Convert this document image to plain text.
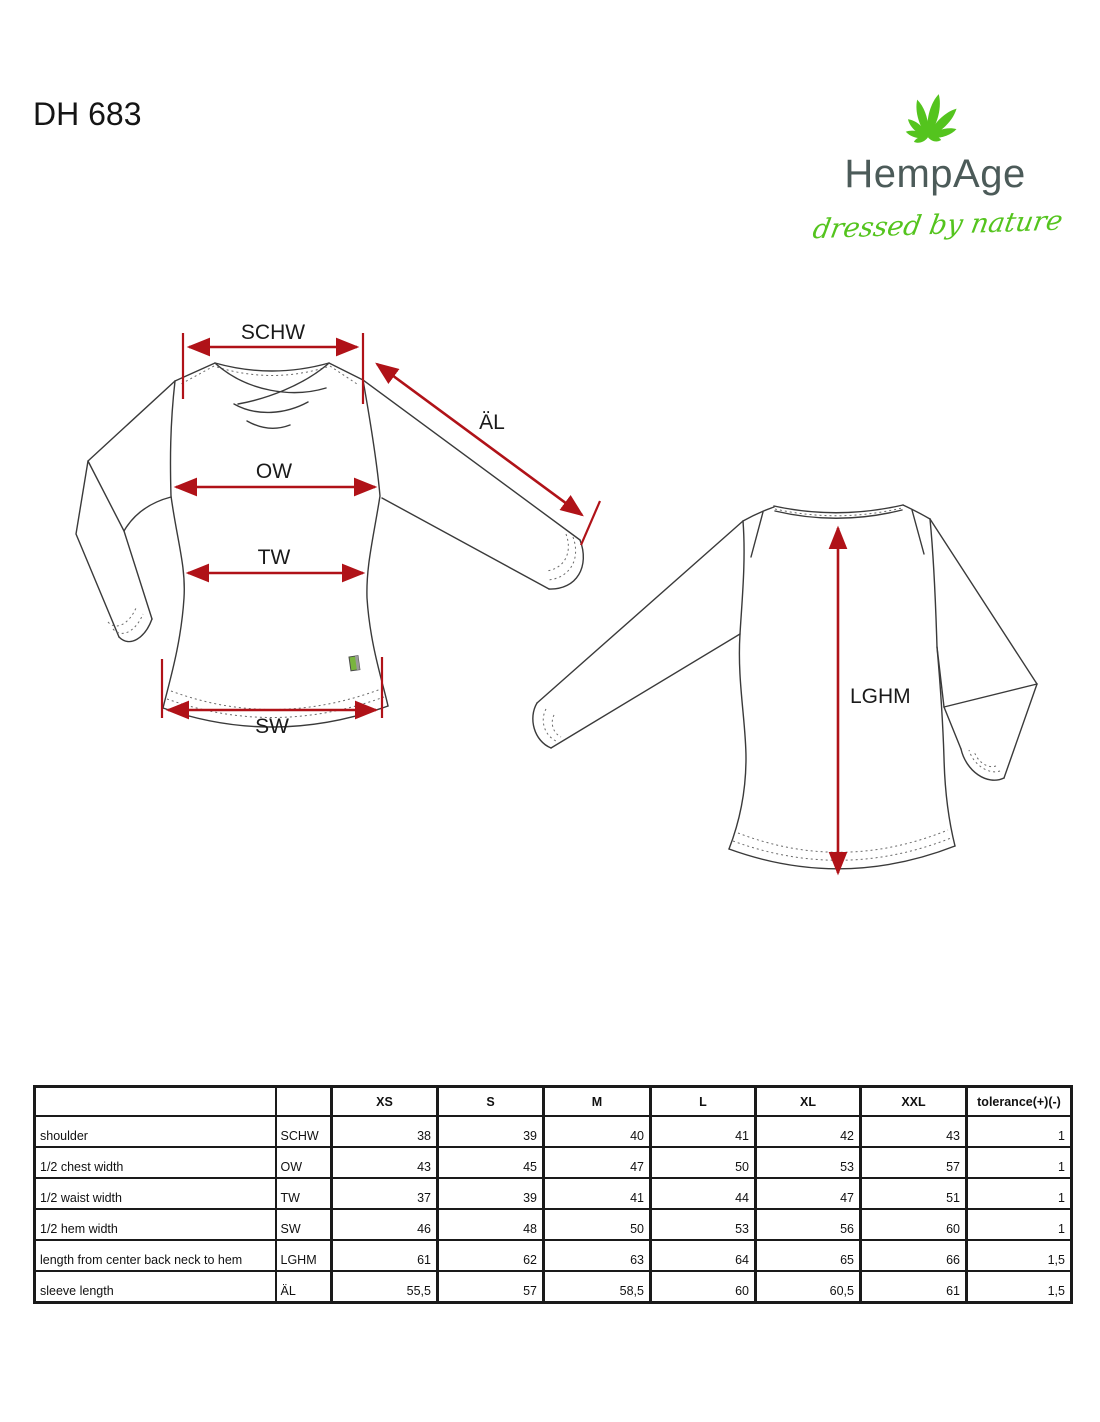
DH 683
HempAge
dressed by nature
SCHW
ÄL
OW
TW
SW
LGHM
		XS	S	M	L	XL	XXL	tolerance(+)(-)
shoulder	SCHW	38	39	40	41	42	43	1
1/2 chest width	OW	43	45	47	50	53	57	1
1/2 waist width	TW	37	39	41	44	47	51	1
1/2 hem width	SW	46	48	50	53	56	60	1
length from center back neck to hem	LGHM	61	62	63	64	65	66	1,5
sleeve length	ÄL	55,5	57	58,5	60	60,5	61	1,5
